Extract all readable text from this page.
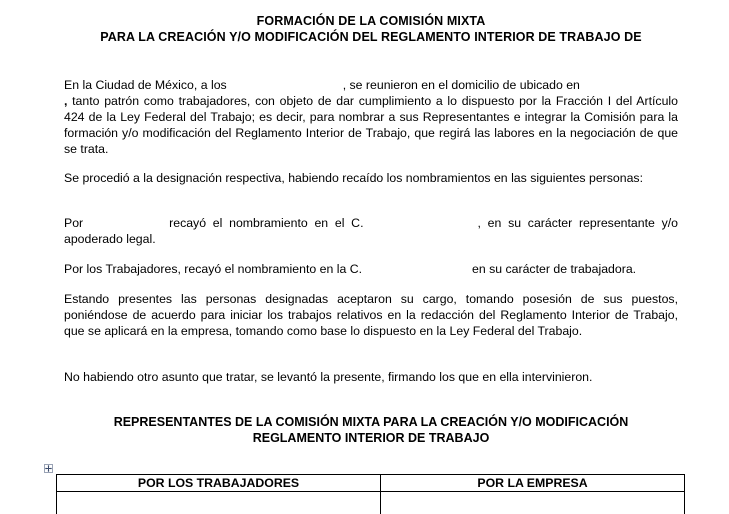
FORMACIÓN DE LA COMISIÓN MIXTA
PARA LA CREACIÓN Y/O MODIFICACIÓN DEL REGLAMENTO INTERIOR DE TRABAJO DE

En la Ciudad de México, a los	, se reunieron en el domicilio de ubicado en
, tanto patrón como trabajadores, con objeto de dar cumplimiento a lo dispuesto por la Fracción I del Artículo 424 de la Ley Federal del Trabajo; es decir, para nombrar a sus Representantes e integrar la Comisión para la formación y/o modificación del Reglamento Interior de Trabajo, que regirá las labores en la negociación de que se trata.

Se procedió a la designación respectiva, habiendo recaído los nombramientos en las siguientes personas:

Por	recayó el nombramiento en el C.	, en su carácter representante y/o apoderado legal.

Por los Trabajadores, recayó el nombramiento en la C.	en su carácter de trabajadora.

Estando presentes las personas designadas aceptaron su cargo, tomando posesión de sus puestos, poniéndose de acuerdo para iniciar los trabajos relativos en la redacción del Reglamento Interior de Trabajo, que se aplicará en la empresa, tomando como base lo dispuesto en la Ley Federal del Trabajo.

No habiendo otro asunto que tratar, se levantó la presente, firmando los que en ella intervinieron.

REPRESENTANTES DE LA COMISIÓN MIXTA PARA LA CREACIÓN Y/O MODIFICACIÓN
REGLAMENTO INTERIOR DE TRABAJO
POR LOS TRABAJADORES	POR LA EMPRESA
